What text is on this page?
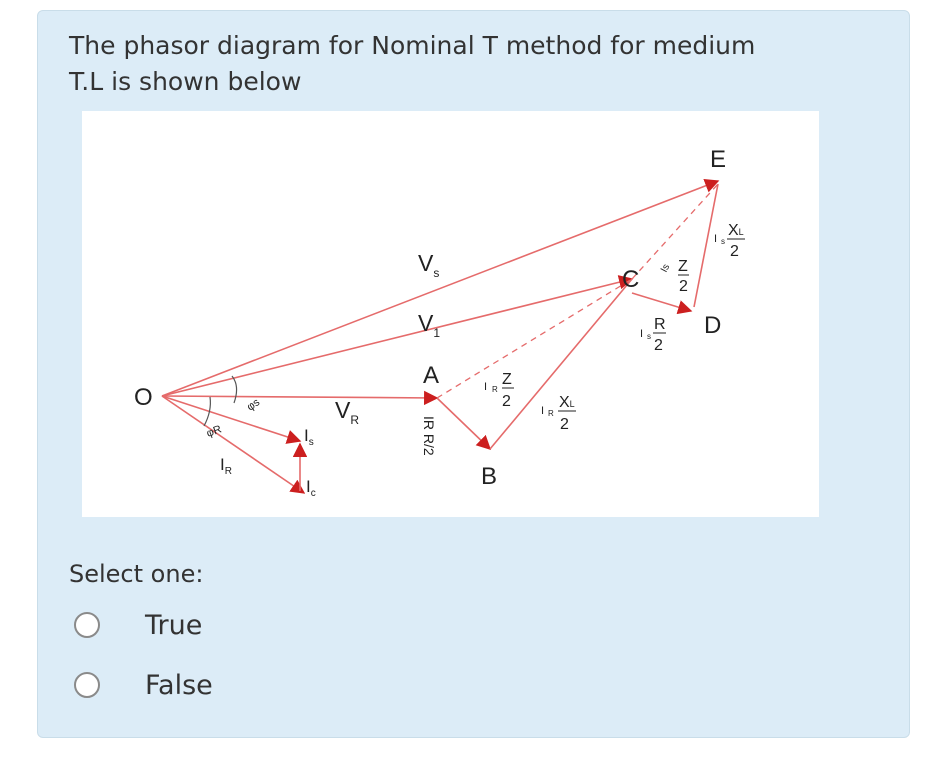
The phasor diagram for Nominal T method for medium
T.L is shown below
O
E
C
D
A
B
$V_s$
$V_1$
$V_R$
$I_R$
$I_s$
$I_c$
φs
φR
I R
Z
2
I R
XL
2
IR R/2
Is Z
2
I s
R
2
I s
XL
2
Select one:
True
False
